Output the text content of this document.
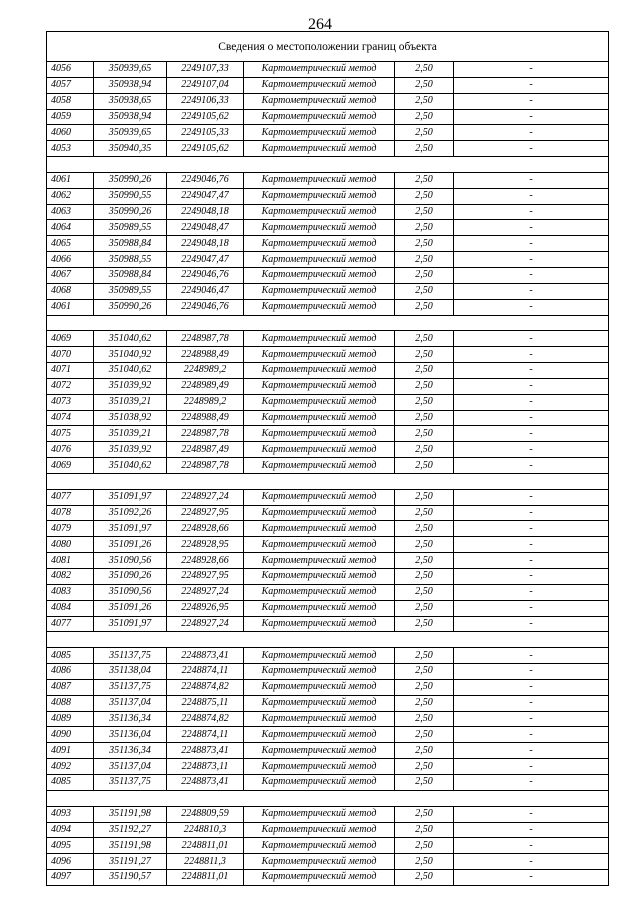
264
Сведения о местоположении границ объекта					
4056	350939,65	2249107,33	Картометрический метод	2,50	-
4057	350938,94	2249107,04	Картометрический метод	2,50	-
4058	350938,65	2249106,33	Картометрический метод	2,50	-
4059	350938,94	2249105,62	Картометрический метод	2,50	-
4060	350939,65	2249105,33	Картометрический метод	2,50	-
4053	350940,35	2249105,62	Картометрический метод	2,50	-

4061	350990,26	2249046,76	Картометрический метод	2,50	-
4062	350990,55	2249047,47	Картометрический метод	2,50	-
4063	350990,26	2249048,18	Картометрический метод	2,50	-
4064	350989,55	2249048,47	Картометрический метод	2,50	-
4065	350988,84	2249048,18	Картометрический метод	2,50	-
4066	350988,55	2249047,47	Картометрический метод	2,50	-
4067	350988,84	2249046,76	Картометрический метод	2,50	-
4068	350989,55	2249046,47	Картометрический метод	2,50	-
4061	350990,26	2249046,76	Картометрический метод	2,50	-

4069	351040,62	2248987,78	Картометрический метод	2,50	-
4070	351040,92	2248988,49	Картометрический метод	2,50	-
4071	351040,62	2248989,2	Картометрический метод	2,50	-
4072	351039,92	2248989,49	Картометрический метод	2,50	-
4073	351039,21	2248989,2	Картометрический метод	2,50	-
4074	351038,92	2248988,49	Картометрический метод	2,50	-
4075	351039,21	2248987,78	Картометрический метод	2,50	-
4076	351039,92	2248987,49	Картометрический метод	2,50	-
4069	351040,62	2248987,78	Картометрический метод	2,50	-

4077	351091,97	2248927,24	Картометрический метод	2,50	-
4078	351092,26	2248927,95	Картометрический метод	2,50	-
4079	351091,97	2248928,66	Картометрический метод	2,50	-
4080	351091,26	2248928,95	Картометрический метод	2,50	-
4081	351090,56	2248928,66	Картометрический метод	2,50	-
4082	351090,26	2248927,95	Картометрический метод	2,50	-
4083	351090,56	2248927,24	Картометрический метод	2,50	-
4084	351091,26	2248926,95	Картометрический метод	2,50	-
4077	351091,97	2248927,24	Картометрический метод	2,50	-

4085	351137,75	2248873,41	Картометрический метод	2,50	-
4086	351138,04	2248874,11	Картометрический метод	2,50	-
4087	351137,75	2248874,82	Картометрический метод	2,50	-
4088	351137,04	2248875,11	Картометрический метод	2,50	-
4089	351136,34	2248874,82	Картометрический метод	2,50	-
4090	351136,04	2248874,11	Картометрический метод	2,50	-
4091	351136,34	2248873,41	Картометрический метод	2,50	-
4092	351137,04	2248873,11	Картометрический метод	2,50	-
4085	351137,75	2248873,41	Картометрический метод	2,50	-

4093	351191,98	2248809,59	Картометрический метод	2,50	-
4094	351192,27	2248810,3	Картометрический метод	2,50	-
4095	351191,98	2248811,01	Картометрический метод	2,50	-
4096	351191,27	2248811,3	Картометрический метод	2,50	-
4097	351190,57	2248811,01	Картометрический метод	2,50	-
